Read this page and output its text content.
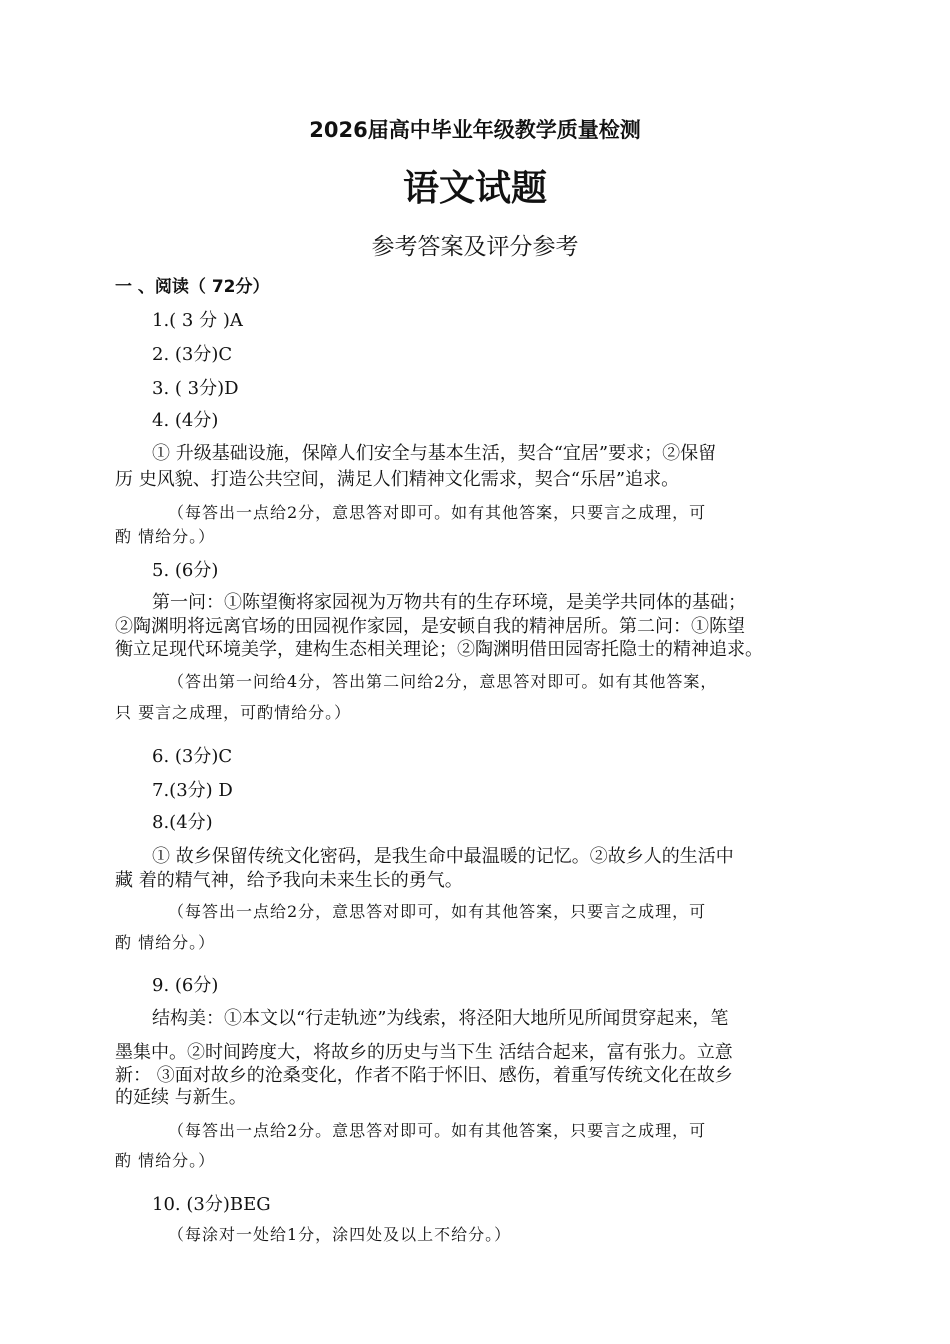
2026届高中毕业年级教学质量检测
语文试题
参考答案及评分参考
一 、阅读（ 72分）
1.( 3 分 )A
2. (3分)C
3. ( 3分)D
4. (4分)
① 升级基础设施，保障人们安全与基本生活，契合“宜居”要求；②保留
历 史风貌、打造公共空间，满足人们精神文化需求，契合“乐居”追求。
（每答出一点给2分，意思答对即可。如有其他答案，只要言之成理，可
酌 情给分。）
5. (6分)
第一问：①陈望衡将家园视为万物共有的生存环境，是美学共同体的基础；
②陶渊明将远离官场的田园视作家园，是安顿自我的精神居所。第二问：①陈望
衡立足现代环境美学，建构生态相关理论；②陶渊明借田园寄托隐士的精神追求。
（答出第一问给4分，答出第二问给2分，意思答对即可。如有其他答案，
只 要言之成理，可酌情给分。）
6. (3分)C
7.(3分) D
8.(4分)
① 故乡保留传统文化密码，是我生命中最温暖的记忆。②故乡人的生活中
藏 着的精气神，给予我向未来生长的勇气。
（每答出一点给2分，意思答对即可，如有其他答案，只要言之成理，可
酌 情给分。）
9. (6分)
结构美：①本文以“行走轨迹”为线索，将泾阳大地所见所闻贯穿起来，笔
墨集中。②时间跨度大，将故乡的历史与当下生 活结合起来，富有张力。立意
新： ③面对故乡的沧桑变化，作者不陷于怀旧、感伤，着重写传统文化在故乡
的延续 与新生。
（每答出一点给2分。意思答对即可。如有其他答案，只要言之成理，可
酌 情给分。）
10. (3分)BEG
（每涂对一处给1分，涂四处及以上不给分。）
